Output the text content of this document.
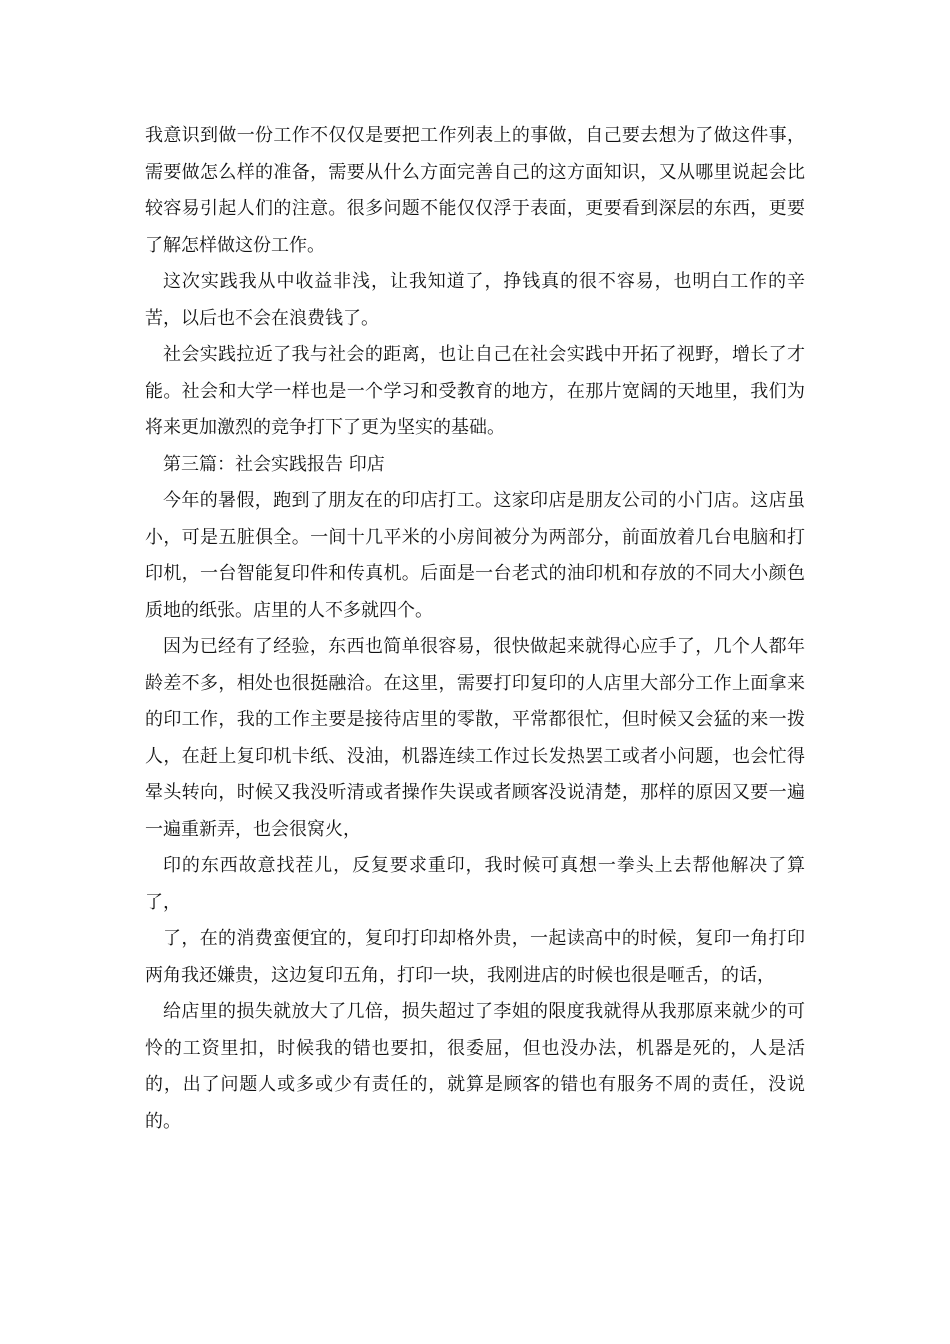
我意识到做一份工作不仅仅是要把工作列表上的事做，自己要去想为了做这件事，需要做怎么样的准备，需要从什么方面完善自己的这方面知识，又从哪里说起会比较容易引起人们的注意。很多问题不能仅仅浮于表面，更要看到深层的东西，更要了解怎样做这份工作。

这次实践我从中收益非浅，让我知道了，挣钱真的很不容易，也明白工作的辛苦，以后也不会在浪费钱了。

社会实践拉近了我与社会的距离，也让自己在社会实践中开拓了视野，增长了才能。社会和大学一样也是一个学习和受教育的地方，在那片宽阔的天地里，我们为将来更加激烈的竞争打下了更为坚实的基础。

第三篇：社会实践报告 印店

今年的暑假，跑到了朋友在的印店打工。这家印店是朋友公司的小门店。这店虽小，可是五脏俱全。一间十几平米的小房间被分为两部分，前面放着几台电脑和打印机，一台智能复印件和传真机。后面是一台老式的油印机和存放的不同大小颜色质地的纸张。店里的人不多就四个。

因为已经有了经验，东西也简单很容易，很快做起来就得心应手了，几个人都年龄差不多，相处也很挺融洽。在这里，需要打印复印的人店里大部分工作上面拿来的印工作，我的工作主要是接待店里的零散，平常都很忙，但时候又会猛的来一拨人，在赶上复印机卡纸、没油，机器连续工作过长发热罢工或者小问题，也会忙得晕头转向，时候又我没听清或者操作失误或者顾客没说清楚，那样的原因又要一遍一遍重新弄，也会很窝火，

印的东西故意找茬儿，反复要求重印，我时候可真想一拳头上去帮他解决了算了，

了，在的消费蛮便宜的，复印打印却格外贵，一起读高中的时候，复印一角打印两角我还嫌贵，这边复印五角，打印一块，我刚进店的时候也很是咂舌，的话，

给店里的损失就放大了几倍，损失超过了李姐的限度我就得从我那原来就少的可怜的工资里扣，时候我的错也要扣，很委屈，但也没办法，机器是死的，人是活的，出了问题人或多或少有责任的，就算是顾客的错也有服务不周的责任，没说的。
